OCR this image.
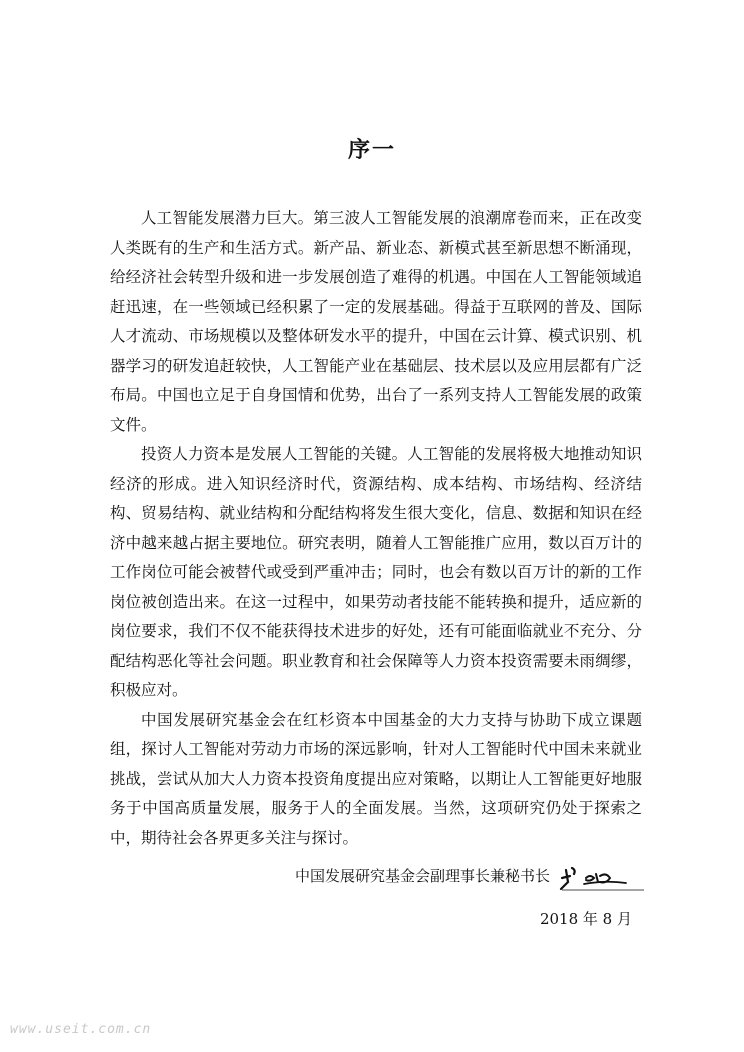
序一

人工智能发展潜力巨大。第三波人工智能发展的浪潮席卷而来，正在改变人类既有的生产和生活方式。新产品、新业态、新模式甚至新思想不断涌现，给经济社会转型升级和进一步发展创造了难得的机遇。中国在人工智能领域追赶迅速，在一些领域已经积累了一定的发展基础。得益于互联网的普及、国际人才流动、市场规模以及整体研发水平的提升，中国在云计算、模式识别、机器学习的研发追赶较快，人工智能产业在基础层、技术层以及应用层都有广泛布局。中国也立足于自身国情和优势，出台了一系列支持人工智能发展的政策文件。

投资人力资本是发展人工智能的关键。人工智能的发展将极大地推动知识经济的形成。进入知识经济时代，资源结构、成本结构、市场结构、经济结构、贸易结构、就业结构和分配结构将发生很大变化，信息、数据和知识在经济中越来越占据主要地位。研究表明，随着人工智能推广应用，数以百万计的工作岗位可能会被替代或受到严重冲击；同时，也会有数以百万计的新的工作岗位被创造出来。在这一过程中，如果劳动者技能不能转换和提升，适应新的岗位要求，我们不仅不能获得技术进步的好处，还有可能面临就业不充分、分配结构恶化等社会问题。职业教育和社会保障等人力资本投资需要未雨绸缪，积极应对。

中国发展研究基金会在红杉资本中国基金的大力支持与协助下成立课题组，探讨人工智能对劳动力市场的深远影响，针对人工智能时代中国未来就业挑战，尝试从加大人力资本投资角度提出应对策略，以期让人工智能更好地服务于中国高质量发展，服务于人的全面发展。当然，这项研究仍处于探索之中，期待社会各界更多关注与探讨。

中国发展研究基金会副理事长兼秘书长
2018 年 8 月
www.useit.com.cn
